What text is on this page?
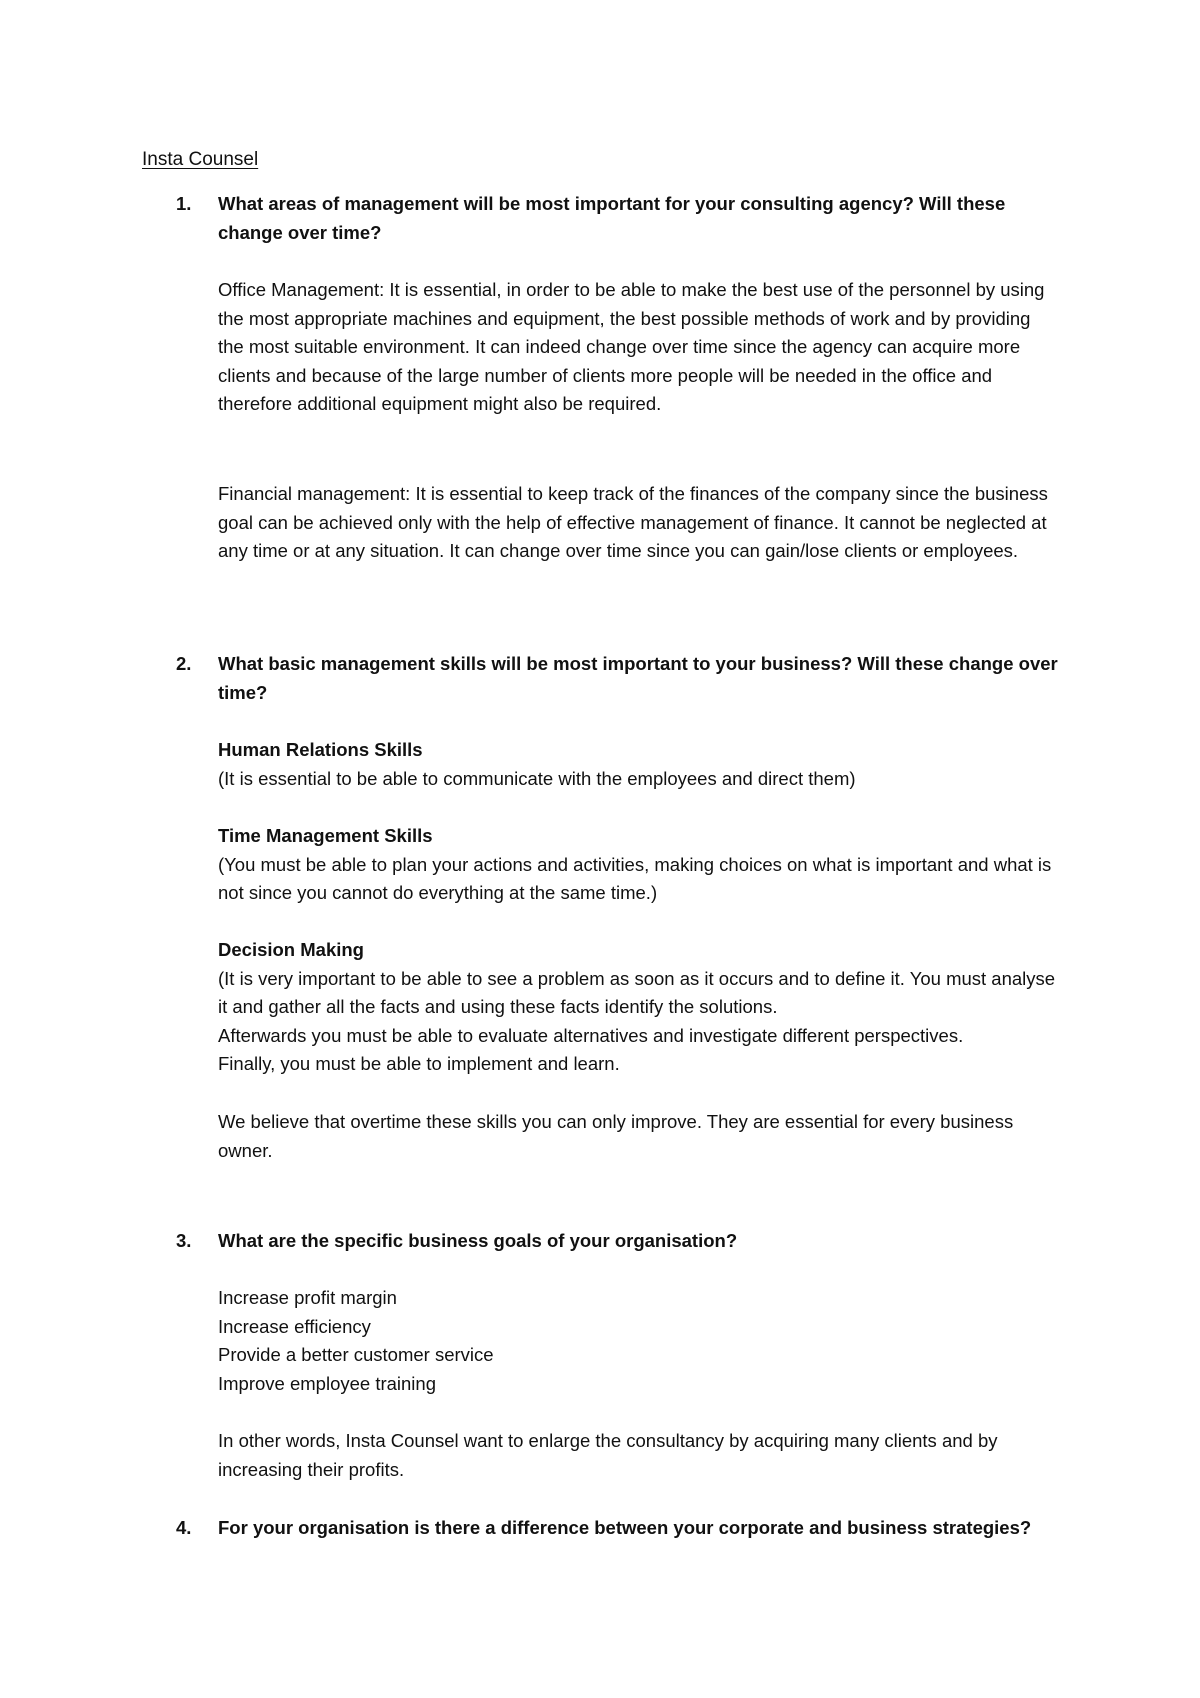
Insta Counsel
1. What areas of management will be most important for your consulting agency? Will these change over time?

Office Management: It is essential, in order to be able to make the best use of the personnel by using the most appropriate machines and equipment, the best possible methods of work and by providing the most suitable environment. It can indeed change over time since the agency can acquire more clients and because of the large number of clients more people will be needed in the office and therefore additional equipment might also be required.

Financial management: It is essential to keep track of the finances of the company since the business goal can be achieved only with the help of effective management of finance. It cannot be neglected at any time or at any situation. It can change over time since you can gain/lose clients or employees.

2. What basic management skills will be most important to your business? Will these change over time?

Human Relations Skills

(It is essential to be able to communicate with the employees and direct them)

Time Management Skills

(You must be able to plan your actions and activities, making choices on what is important and what is not since you cannot do everything at the same time.)

Decision Making

(It is very important to be able to see a problem as soon as it occurs and to define it. You must analyse it and gather all the facts and using these facts identify the solutions.

Afterwards you must be able to evaluate alternatives and investigate different perspectives.

Finally, you must be able to implement and learn.

We believe that overtime these skills you can only improve. They are essential for every business owner.

3. What are the specific business goals of your organisation?

Increase profit margin

Increase efficiency

Provide a better customer service

Improve employee training

In other words, Insta Counsel want to enlarge the consultancy by acquiring many clients and by increasing their profits.

4. For your organisation is there a difference between your corporate and business strategies?
